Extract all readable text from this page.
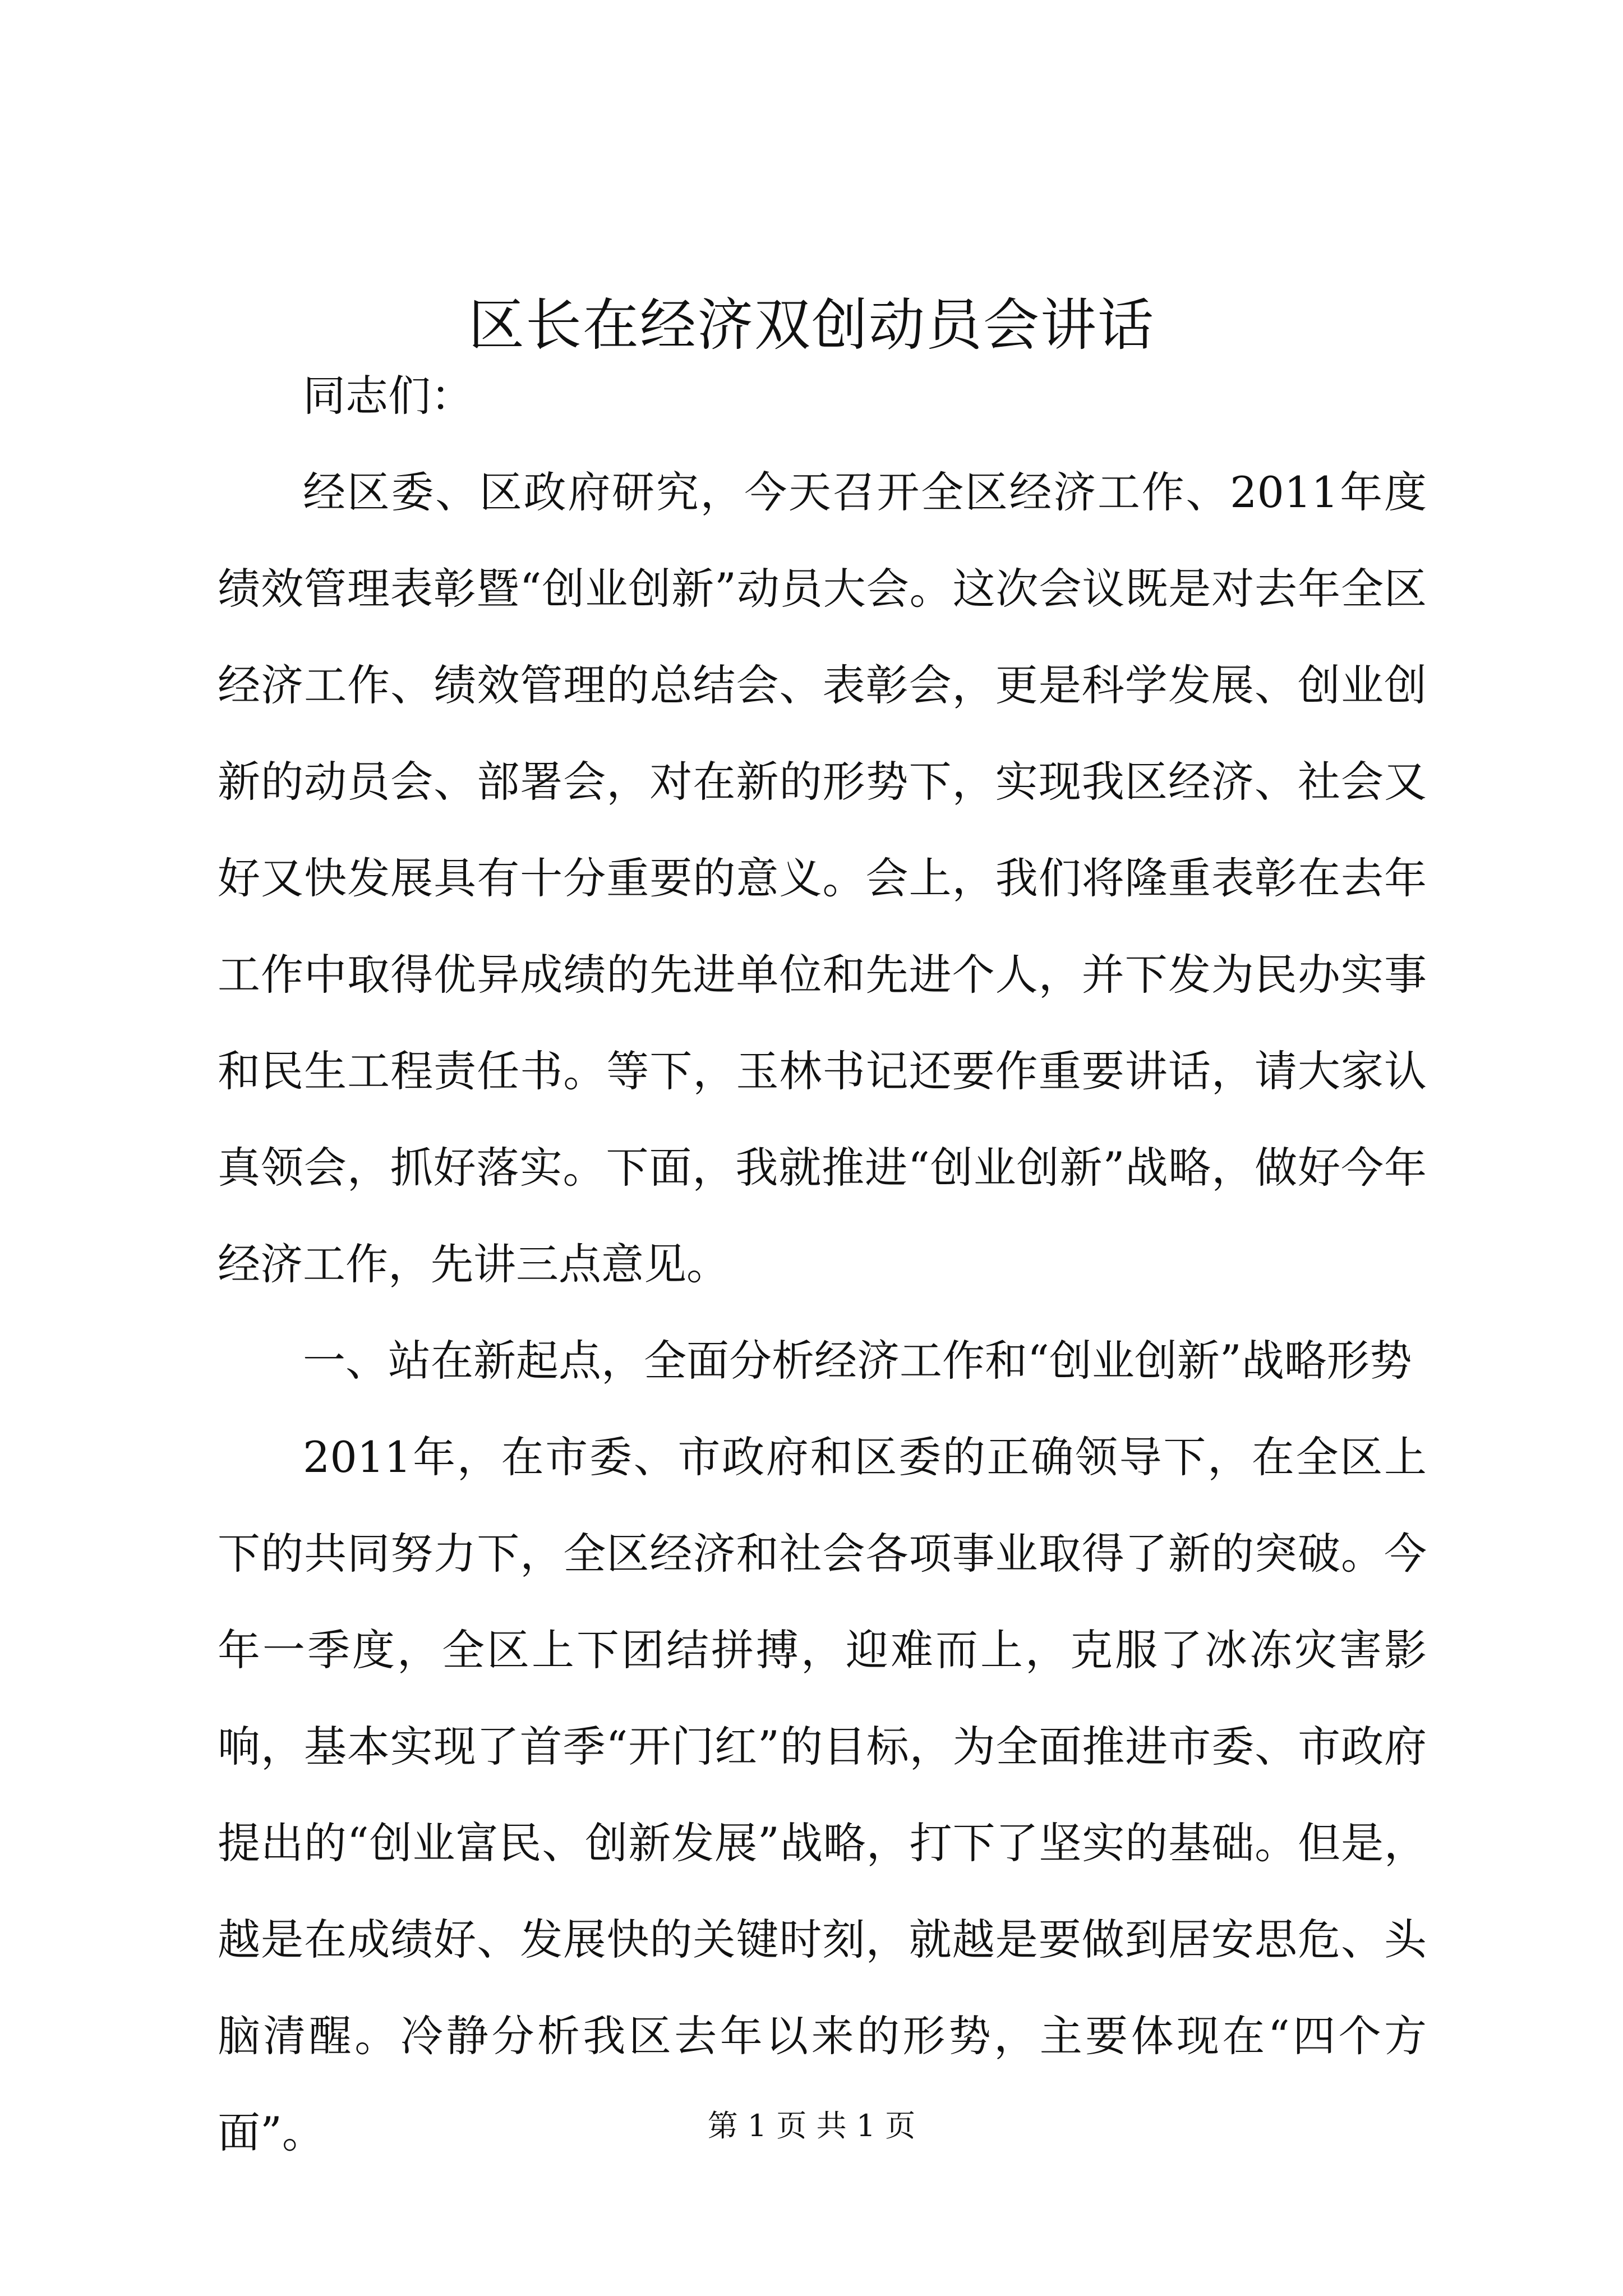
区长在经济双创动员会讲话

同志们：

经区委、区政府研究，今天召开全区经济工作、2011年度绩效管理表彰暨“创业创新”动员大会。这次会议既是对去年全区经济工作、绩效管理的总结会、表彰会，更是科学发展、创业创新的动员会、部署会，对在新的形势下，实现我区经济、社会又好又快发展具有十分重要的意义。会上，我们将隆重表彰在去年工作中取得优异成绩的先进单位和先进个人，并下发为民办实事和民生工程责任书。等下，玉林书记还要作重要讲话，请大家认真领会，抓好落实。下面，我就推进“创业创新”战略，做好今年经济工作，先讲三点意见。

一、站在新起点，全面分析经济工作和“创业创新”战略形势

2011年，在市委、市政府和区委的正确领导下，在全区上下的共同努力下，全区经济和社会各项事业取得了新的突破。今年一季度，全区上下团结拼搏，迎难而上，克服了冰冻灾害影响，基本实现了首季“开门红”的目标，为全面推进市委、市政府提出的“创业富民、创新发展”战略，打下了坚实的基础。但是，越是在成绩好、发展快的关键时刻，就越是要做到居安思危、头脑清醒。冷静分析我区去年以来的形势，主要体现在“四个方面”。	第 1 页 共 1 页
